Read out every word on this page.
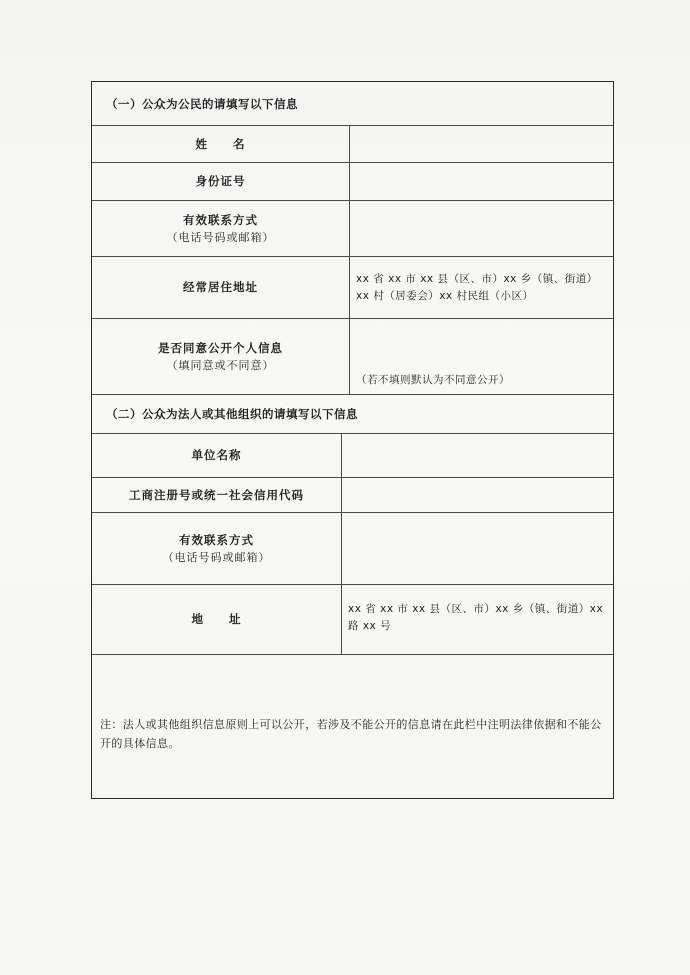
（一）公众为公民的请填写以下信息
姓　　名
身份证号
有效联系方式
（电话号码或邮箱）
经常居住地址
xx 省 xx 市 xx 县（区、市）xx 乡（镇、街道）xx 村（居委会）xx 村民组（小区）
是否同意公开个人信息
（填同意或不同意）
（若不填则默认为不同意公开）
（二）公众为法人或其他组织的请填写以下信息
单位名称
工商注册号或统一社会信用代码
有效联系方式
（电话号码或邮箱）
地　　址
xx 省 xx 市 xx 县（区、市）xx 乡（镇、街道）xx 路 xx 号
注：法人或其他组织信息原则上可以公开，若涉及不能公开的信息请在此栏中注明法律依据和不能公开的具体信息。
